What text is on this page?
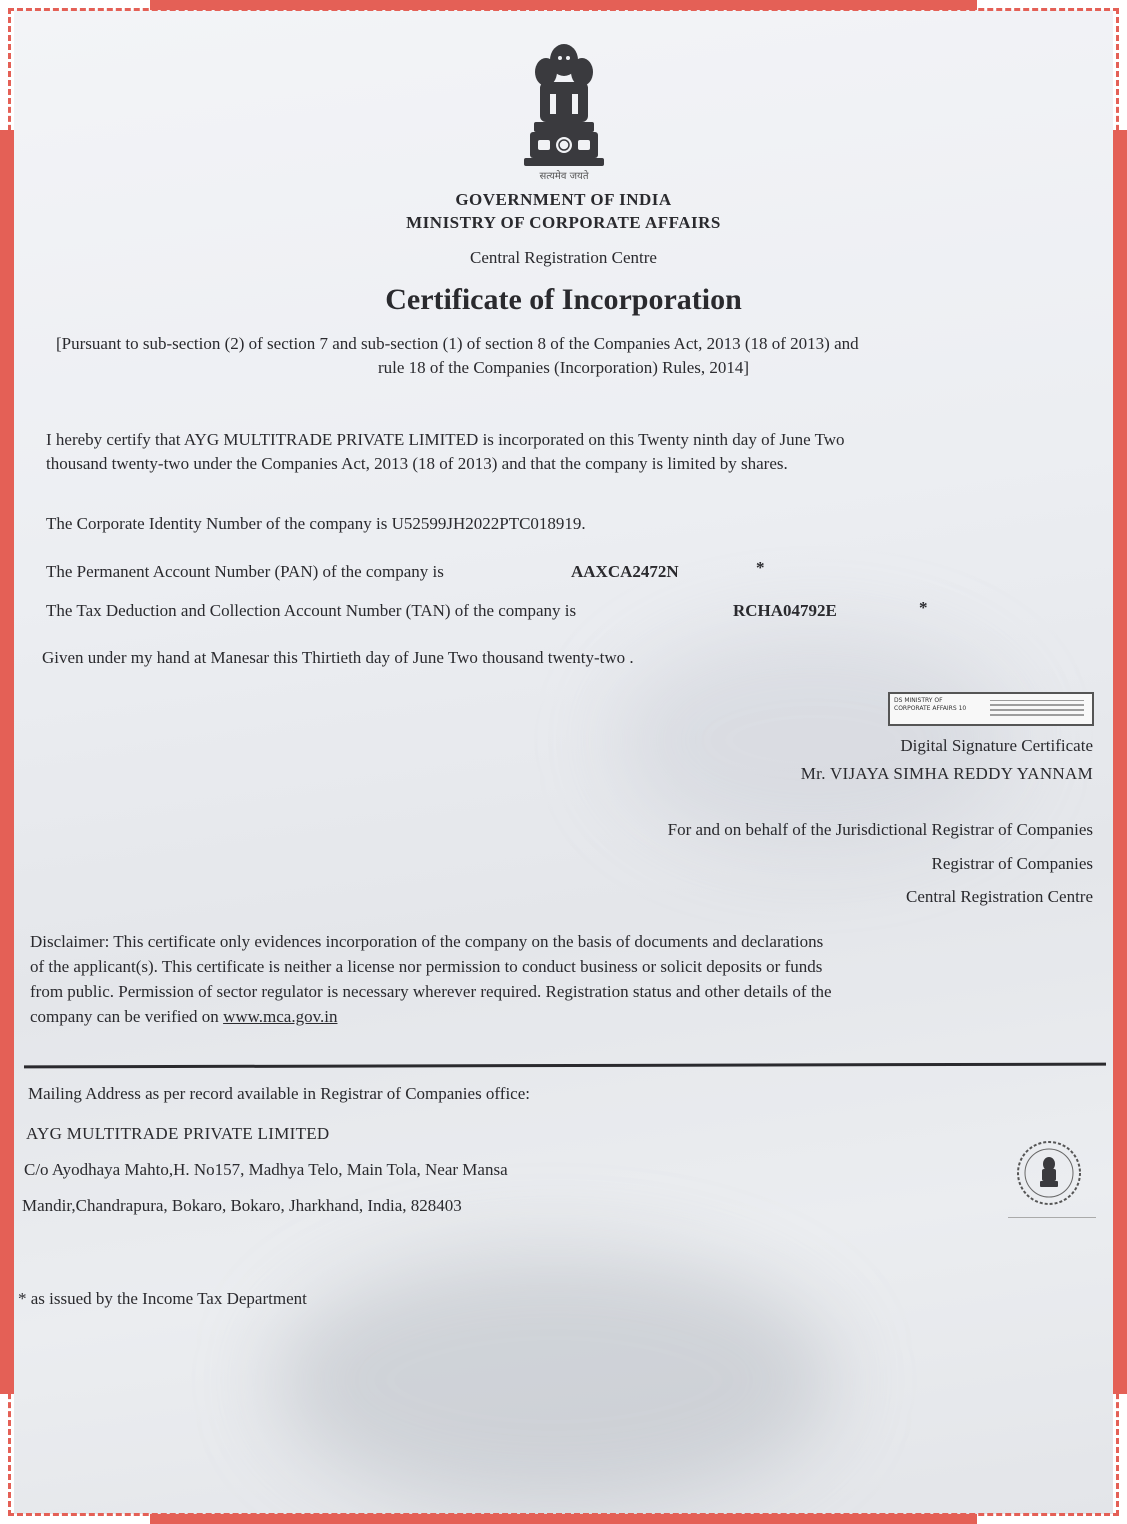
सत्यमेव जयते
GOVERNMENT OF INDIA
MINISTRY OF CORPORATE AFFAIRS
Central Registration Centre
Certificate of Incorporation
[Pursuant to sub-section (2) of section 7 and sub-section (1) of section 8 of the Companies Act, 2013 (18 of 2013) and
rule 18 of the Companies (Incorporation) Rules, 2014]
I hereby certify that AYG MULTITRADE PRIVATE LIMITED is incorporated on this Twenty ninth day of June Two
thousand twenty-two under the Companies Act, 2013 (18 of 2013) and that the company is limited by shares.
The Corporate Identity Number of the company is U52599JH2022PTC018919.
The Permanent Account Number (PAN) of the company is	AAXCA2472N	*
The Tax Deduction and Collection Account Number (TAN) of the company is	RCHA04792E	*
Given under my hand at Manesar this Thirtieth day of June Two thousand twenty-two .
DS MINISTRY OF
CORPORATE AFFAIRS 10
Digital Signature Certificate
Mr. VIJAYA SIMHA REDDY YANNAM
For and on behalf of the Jurisdictional Registrar of Companies
Registrar of Companies
Central Registration Centre
Disclaimer: This certificate only evidences incorporation of the company on the basis of documents and declarations
of the applicant(s). This certificate is neither a license nor permission to conduct business or solicit deposits or funds
from public. Permission of sector regulator is necessary wherever required. Registration status and other details of the
company can be verified on www.mca.gov.in
Mailing Address as per record available in Registrar of Companies office:
AYG MULTITRADE PRIVATE LIMITED
C/o Ayodhaya Mahto,H. No157, Madhya Telo, Main Tola, Near Mansa
Mandir,Chandrapura, Bokaro, Bokaro, Jharkhand, India, 828403
* as issued by the Income Tax Department
